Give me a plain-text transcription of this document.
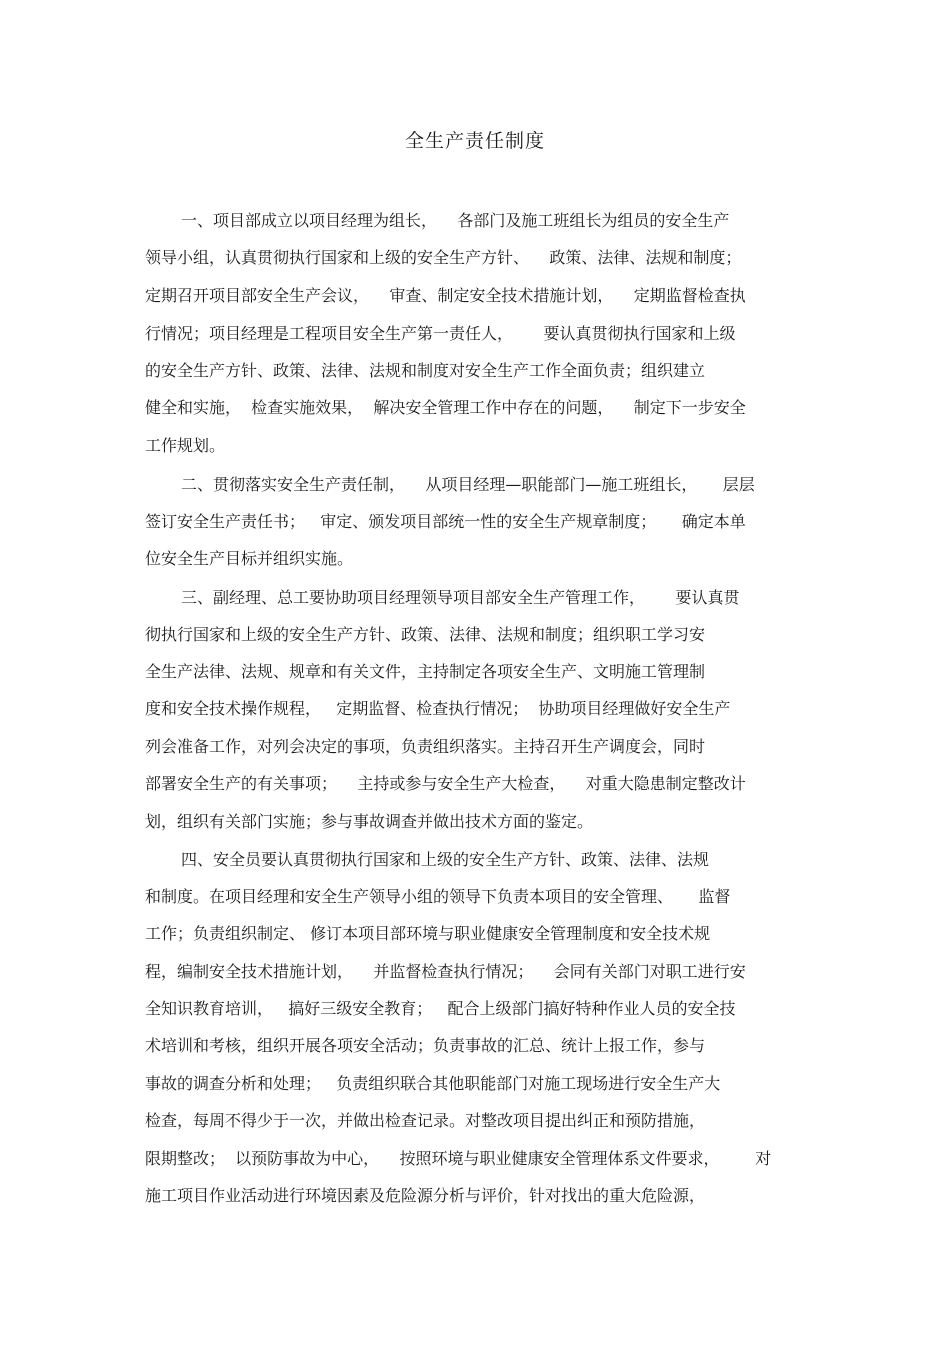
全生产责任制度
一、项目部成立以项目经理为组长，    各部门及施工班组长为组员的安全生产
领导小组，认真贯彻执行国家和上级的安全生产方针、    政策、法律、法规和制度；
定期召开项目部安全生产会议，    审查、制定安全技术措施计划，    定期监督检查执
行情况；项目经理是工程项目安全生产第一责任人，      要认真贯彻执行国家和上级
的安全生产方针、政策、法律、法规和制度对安全生产工作全面负责；组织建立
健全和实施，  检查实施效果，  解决安全管理工作中存在的问题，    制定下一步安全
工作规划。
二、贯彻落实安全生产责任制，    从项目经理—职能部门—施工班组长，     层层
签订安全生产责任书；   审定、颁发项目部统一性的安全生产规章制度；     确定本单
位安全生产目标并组织实施。
三、副经理、总工要协助项目经理领导项目部安全生产管理工作，      要认真贯
彻执行国家和上级的安全生产方针、政策、法律、法规和制度；组织职工学习安
全生产法律、法规、规章和有关文件，主持制定各项安全生产、文明施工管理制
度和安全技术操作规程，   定期监督、检查执行情况；  协助项目经理做好安全生产
列会准备工作，对列会决定的事项，负责组织落实。主持召开生产调度会，同时
部署安全生产的有关事项；    主持或参与安全生产大检查，    对重大隐患制定整改计
划，组织有关部门实施；参与事故调查并做出技术方面的鉴定。
四、安全员要认真贯彻执行国家和上级的安全生产方针、政策、法律、法规
和制度。在项目经理和安全生产领导小组的领导下负责本项目的安全管理、     监督
工作；负责组织制定、 修订本项目部环境与职业健康安全管理制度和安全技术规
程，编制安全技术措施计划，    并监督检查执行情况；    会同有关部门对职工进行安
全知识教育培训，   搞好三级安全教育；   配合上级部门搞好特种作业人员的安全技
术培训和考核，组织开展各项安全活动；负责事故的汇总、统计上报工作，参与
事故的调查分析和处理；   负责组织联合其他职能部门对施工现场进行安全生产大
检查，每周不得少于一次，并做出检查记录。对整改项目提出纠正和预防措施，
限期整改；  以预防事故为中心，    按照环境与职业健康安全管理体系文件要求，       对
施工项目作业活动进行环境因素及危险源分析与评价，针对找出的重大危险源，
